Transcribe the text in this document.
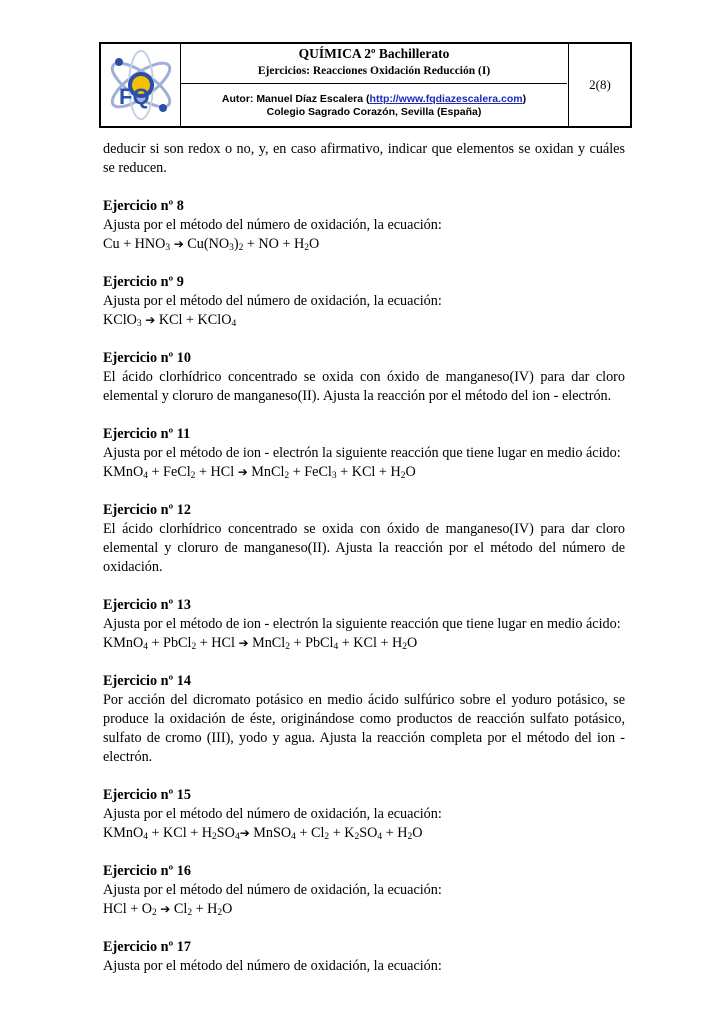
FQ
QUÍMICA 2º Bachillerato
Ejercicios: Reacciones Oxidación Reducción (I)
Autor: Manuel Díaz Escalera (http://www.fqdiazescalera.com)
Colegio Sagrado Corazón, Sevilla (España)
2(8)

deducir si son redox o no, y, en caso afirmativo, indicar que elementos se oxidan y cuáles se reducen.

Ejercicio nº 8

Ajusta por el método del número de oxidación, la ecuación:

$Cu + HNO_3$ ➔ $Cu(NO_3)_2$ + NO + $H_2O$

Ejercicio nº 9

Ajusta por el método del número de oxidación, la ecuación:

KClO$_3$ ➔ KCl + KClO$_4$

Ejercicio nº 10

El ácido clorhídrico concentrado se oxida con óxido de manganeso(IV) para dar cloro elemental y cloruro de manganeso(II). Ajusta la reacción por el método del ion - electrón.

Ejercicio nº 11

Ajusta por el método de ion - electrón la siguiente reacción que tiene lugar en medio ácido:

KMnO$_4$ + FeCl$_2$ + HCl ➔ MnCl$_2$ + FeCl$_3$ + KCl + $H_2O$

Ejercicio nº 12

El ácido clorhídrico concentrado se oxida con óxido de manganeso(IV) para dar cloro elemental y cloruro de manganeso(II). Ajusta la reacción por el método del número de oxidación.

Ejercicio nº 13

Ajusta por el método de ion - electrón la siguiente reacción que tiene lugar en medio ácido:

KMnO$_4$ + PbCl$_2$ + HCl ➔ MnCl$_2$ + PbCl$_4$ + KCl + $H_2O$

Ejercicio nº 14

Por acción del dicromato potásico en medio ácido sulfúrico sobre el yoduro potásico, se produce la oxidación de éste, originándose como productos de reacción sulfato potásico, sulfato de cromo (III), yodo y agua. Ajusta la reacción completa por el método del ion - electrón.

Ejercicio nº 15

Ajusta por el método del número de oxidación, la ecuación:

KMnO$_4$ + KCl + $H_2SO_4➔$ MnSO$_4$ + $Cl_2 + K_2SO_4 + H_2O$

Ejercicio nº 16

Ajusta por el método del número de oxidación, la ecuación:

HCl + $O_2$ ➔ $Cl_2 + H_2O$

Ejercicio nº 17

Ajusta por el método del número de oxidación, la ecuación:
